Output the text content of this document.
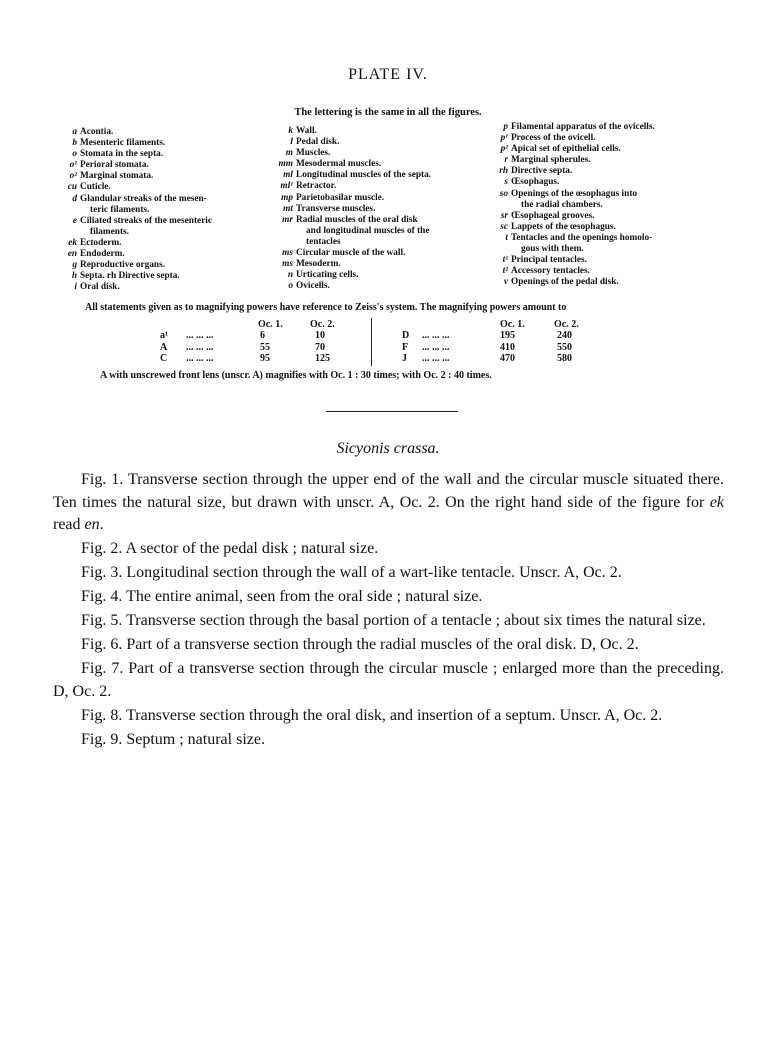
PLATE IV.
The lettering is the same in all the figures.
a Acontia.
b Mesenteric filaments.
o Stomata in the septa.
o¹ Perioral stomata.
o² Marginal stomata.
cu Cuticle.
d Glandular streaks of the mesen-
teric filaments.
e Ciliated streaks of the mesenteric
filaments.
ek Ectoderm.
en Endoderm.
g Reproductive organs.
h Septa. rh Directive septa.
i Oral disk.
k Wall.
l Pedal disk.
m Muscles.
mm Mesodermal muscles.
ml Longitudinal muscles of the septa.
ml¹ Retractor.
mp Parietobasilar muscle.
mt Transverse muscles.
mr Radial muscles of the oral disk
and longitudinal muscles of the
tentacles
ms Circular muscle of the wall.
ms Mesoderm.
n Urticating cells.
o Ovicells.
p Filamental apparatus of the ovicells.
p¹ Process of the ovicell.
p² Apical set of epithelial cells.
r Marginal spherules.
rh Directive septa.
s Œsophagus.
so Openings of the œsophagus into
the radial chambers.
sr Œsophageal grooves.
sc Lappets of the œsophagus.
t Tentacles and the openings homolo-
gous with them.
t¹ Principal tentacles.
t² Accessory tentacles.
v Openings of the pedal disk.
All statements given as to magnifying powers have reference to Zeiss's system. The magnifying powers amount to
Oc. 1.	Oc. 2.
a¹ ... ... ...	6	10
A ... ... ...	55	70
C ... ... ...	95	125
Oc. 1.	Oc. 2.
D ... ... ...	195	240
F ... ... ...	410	550
J ... ... ...	470	580
A with unscrewed front lens (unscr. A) magnifies with Oc. 1 : 30 times; with Oc. 2 : 40 times.
Sicyonis crassa.
Fig. 1. Transverse section through the upper end of the wall and the circular muscle situated there. Ten times the natural size, but drawn with unscr. A, Oc. 2. On the right hand side of the figure for ek read en.
Fig. 2. A sector of the pedal disk ; natural size.
Fig. 3. Longitudinal section through the wall of a wart-like tentacle. Unscr. A, Oc. 2.
Fig. 4. The entire animal, seen from the oral side ; natural size.
Fig. 5. Transverse section through the basal portion of a tentacle ; about six times the natural size.
Fig. 6. Part of a transverse section through the radial muscles of the oral disk. D, Oc. 2.
Fig. 7. Part of a transverse section through the circular muscle ; enlarged more than the preceding. D, Oc. 2.
Fig. 8. Transverse section through the oral disk, and insertion of a septum. Unscr. A, Oc. 2.
Fig. 9. Septum ; natural size.
